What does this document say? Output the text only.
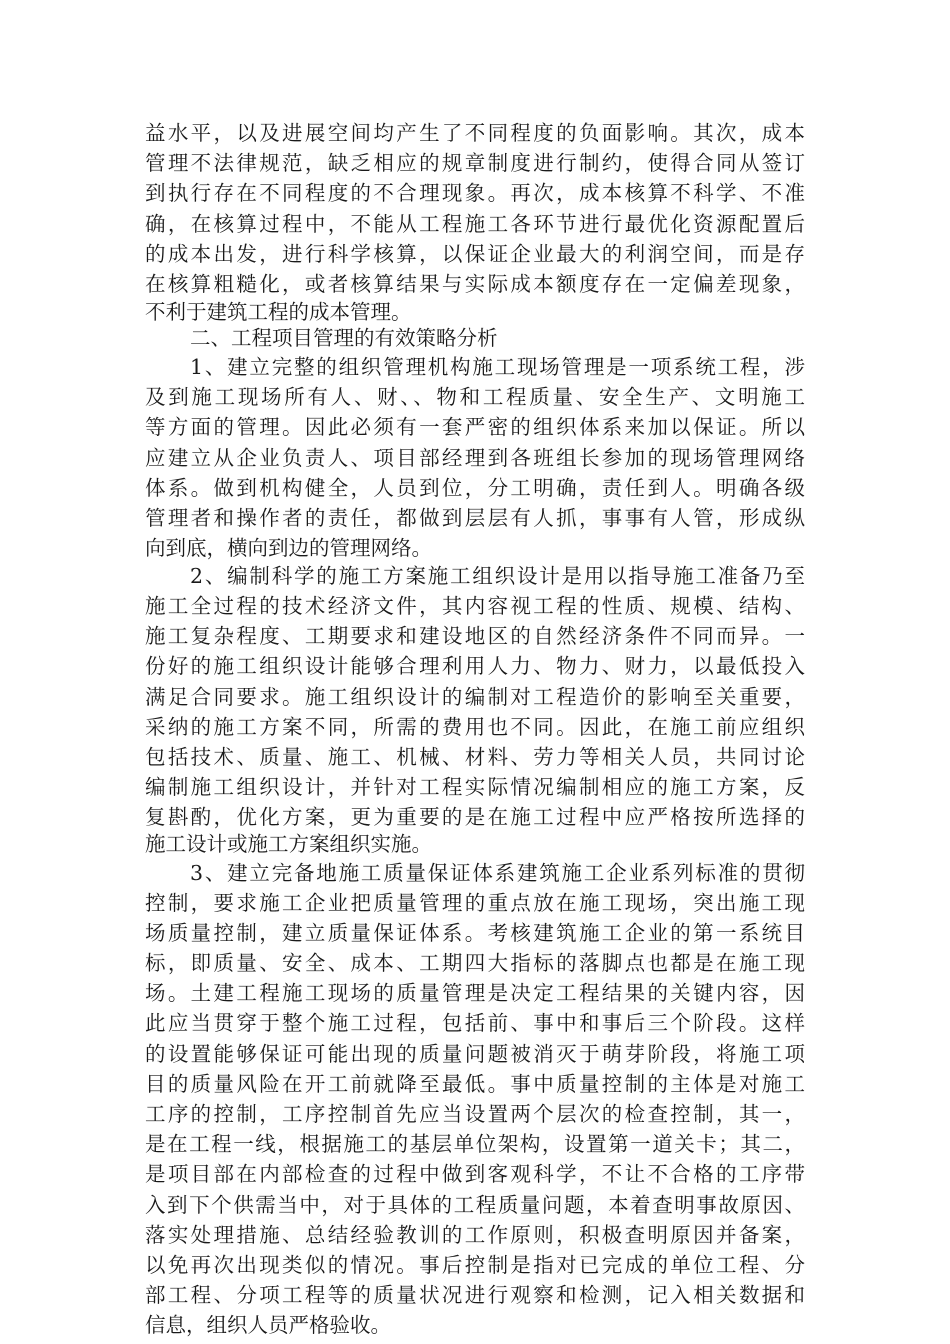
益水平，以及进展空间均产生了不同程度的负面影响。其次，成本
管理不法律规范，缺乏相应的规章制度进行制约，使得合同从签订
到执行存在不同程度的不合理现象。再次，成本核算不科学、不准
确，在核算过程中，不能从工程施工各环节进行最优化资源配置后
的成本出发，进行科学核算，以保证企业最大的利润空间，而是存
在核算粗糙化，或者核算结果与实际成本额度存在一定偏差现象，
不利于建筑工程的成本管理。
二、工程项目管理的有效策略分析
1、建立完整的组织管理机构施工现场管理是一项系统工程，涉
及到施工现场所有人、财、、物和工程质量、安全生产、文明施工
等方面的管理。因此必须有一套严密的组织体系来加以保证。所以
应建立从企业负责人、项目部经理到各班组长参加的现场管理网络
体系。做到机构健全，人员到位，分工明确，责任到人。明确各级
管理者和操作者的责任，都做到层层有人抓，事事有人管，形成纵
向到底，横向到边的管理网络。
2、编制科学的施工方案施工组织设计是用以指导施工准备乃至
施工全过程的技术经济文件，其内容视工程的性质、规模、结构、
施工复杂程度、工期要求和建设地区的自然经济条件不同而异。一
份好的施工组织设计能够合理利用人力、物力、财力，以最低投入
满足合同要求。施工组织设计的编制对工程造价的影响至关重要，
采纳的施工方案不同，所需的费用也不同。因此，在施工前应组织
包括技术、质量、施工、机械、材料、劳力等相关人员，共同讨论
编制施工组织设计，并针对工程实际情况编制相应的施工方案，反
复斟酌，优化方案，更为重要的是在施工过程中应严格按所选择的
施工设计或施工方案组织实施。
3、建立完备地施工质量保证体系建筑施工企业系列标准的贯彻
控制，要求施工企业把质量管理的重点放在施工现场，突出施工现
场质量控制，建立质量保证体系。考核建筑施工企业的第一系统目
标，即质量、安全、成本、工期四大指标的落脚点也都是在施工现
场。土建工程施工现场的质量管理是决定工程结果的关键内容，因
此应当贯穿于整个施工过程，包括前、事中和事后三个阶段。这样
的设置能够保证可能出现的质量问题被消灭于萌芽阶段，将施工项
目的质量风险在开工前就降至最低。事中质量控制的主体是对施工
工序的控制，工序控制首先应当设置两个层次的检查控制，其一，
是在工程一线，根据施工的基层单位架构，设置第一道关卡；其二，
是项目部在内部检查的过程中做到客观科学，不让不合格的工序带
入到下个供需当中，对于具体的工程质量问题，本着查明事故原因、
落实处理措施、总结经验教训的工作原则，积极查明原因并备案，
以免再次出现类似的情况。事后控制是指对已完成的单位工程、分
部工程、分项工程等的质量状况进行观察和检测，记入相关数据和
信息，组织人员严格验收。
